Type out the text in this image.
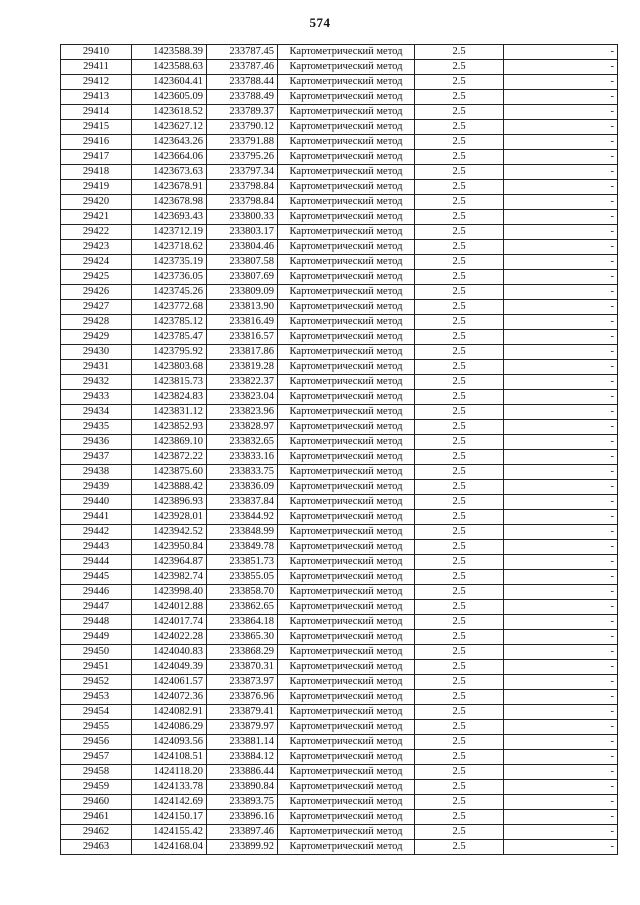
574
29410	1423588.39	233787.45	Картометрический метод	2.5	-
29411	1423588.63	233787.46	Картометрический метод	2.5	-
29412	1423604.41	233788.44	Картометрический метод	2.5	-
29413	1423605.09	233788.49	Картометрический метод	2.5	-
29414	1423618.52	233789.37	Картометрический метод	2.5	-
29415	1423627.12	233790.12	Картометрический метод	2.5	-
29416	1423643.26	233791.88	Картометрический метод	2.5	-
29417	1423664.06	233795.26	Картометрический метод	2.5	-
29418	1423673.63	233797.34	Картометрический метод	2.5	-
29419	1423678.91	233798.84	Картометрический метод	2.5	-
29420	1423678.98	233798.84	Картометрический метод	2.5	-
29421	1423693.43	233800.33	Картометрический метод	2.5	-
29422	1423712.19	233803.17	Картометрический метод	2.5	-
29423	1423718.62	233804.46	Картометрический метод	2.5	-
29424	1423735.19	233807.58	Картометрический метод	2.5	-
29425	1423736.05	233807.69	Картометрический метод	2.5	-
29426	1423745.26	233809.09	Картометрический метод	2.5	-
29427	1423772.68	233813.90	Картометрический метод	2.5	-
29428	1423785.12	233816.49	Картометрический метод	2.5	-
29429	1423785.47	233816.57	Картометрический метод	2.5	-
29430	1423795.92	233817.86	Картометрический метод	2.5	-
29431	1423803.68	233819.28	Картометрический метод	2.5	-
29432	1423815.73	233822.37	Картометрический метод	2.5	-
29433	1423824.83	233823.04	Картометрический метод	2.5	-
29434	1423831.12	233823.96	Картометрический метод	2.5	-
29435	1423852.93	233828.97	Картометрический метод	2.5	-
29436	1423869.10	233832.65	Картометрический метод	2.5	-
29437	1423872.22	233833.16	Картометрический метод	2.5	-
29438	1423875.60	233833.75	Картометрический метод	2.5	-
29439	1423888.42	233836.09	Картометрический метод	2.5	-
29440	1423896.93	233837.84	Картометрический метод	2.5	-
29441	1423928.01	233844.92	Картометрический метод	2.5	-
29442	1423942.52	233848.99	Картометрический метод	2.5	-
29443	1423950.84	233849.78	Картометрический метод	2.5	-
29444	1423964.87	233851.73	Картометрический метод	2.5	-
29445	1423982.74	233855.05	Картометрический метод	2.5	-
29446	1423998.40	233858.70	Картометрический метод	2.5	-
29447	1424012.88	233862.65	Картометрический метод	2.5	-
29448	1424017.74	233864.18	Картометрический метод	2.5	-
29449	1424022.28	233865.30	Картометрический метод	2.5	-
29450	1424040.83	233868.29	Картометрический метод	2.5	-
29451	1424049.39	233870.31	Картометрический метод	2.5	-
29452	1424061.57	233873.97	Картометрический метод	2.5	-
29453	1424072.36	233876.96	Картометрический метод	2.5	-
29454	1424082.91	233879.41	Картометрический метод	2.5	-
29455	1424086.29	233879.97	Картометрический метод	2.5	-
29456	1424093.56	233881.14	Картометрический метод	2.5	-
29457	1424108.51	233884.12	Картометрический метод	2.5	-
29458	1424118.20	233886.44	Картометрический метод	2.5	-
29459	1424133.78	233890.84	Картометрический метод	2.5	-
29460	1424142.69	233893.75	Картометрический метод	2.5	-
29461	1424150.17	233896.16	Картометрический метод	2.5	-
29462	1424155.42	233897.46	Картометрический метод	2.5	-
29463	1424168.04	233899.92	Картометрический метод	2.5	-
